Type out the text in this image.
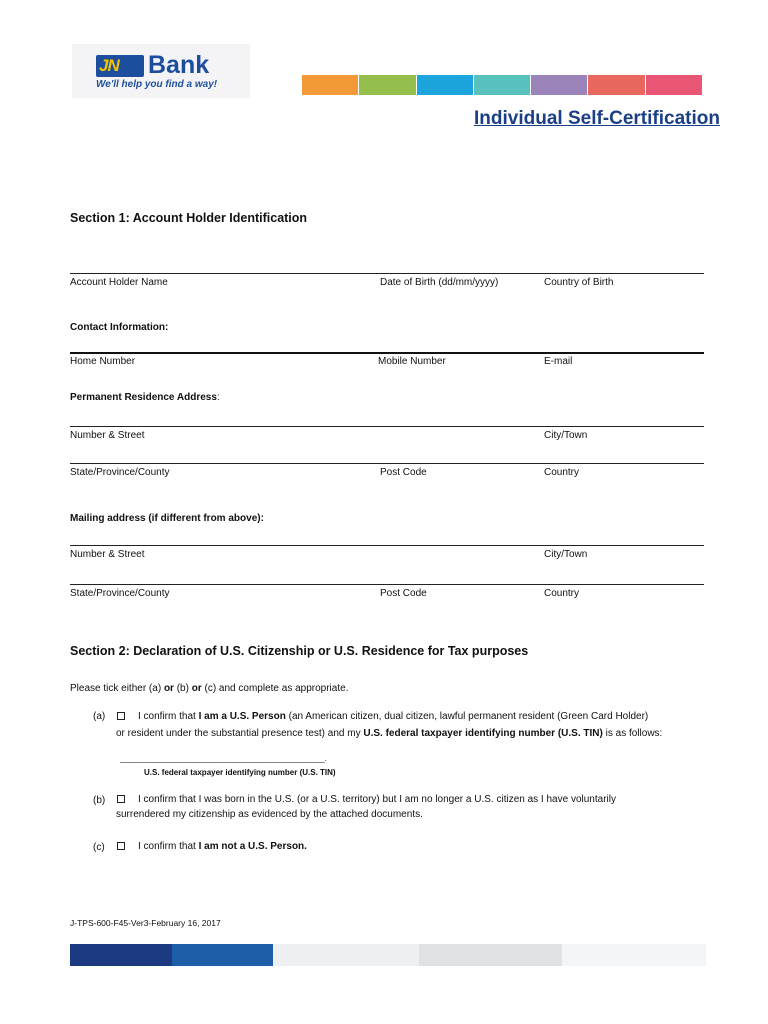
JN Bank
We'll help you find a way!
Individual Self-Certification
Section 1: Account Holder Identification
Account Holder Name	Date of Birth (dd/mm/yyyy)	Country of Birth
Contact Information:
Home Number	Mobile Number	E-mail
Permanent Residence Address:
Number & Street	City/Town
State/Province/County	Post Code	Country
Mailing address (if different from above):
Number & Street	City/Town
State/Province/County	Post Code	Country
Section 2: Declaration of U.S. Citizenship or U.S. Residence for Tax purposes
Please tick either (a) or (b) or (c) and complete as appropriate.
(a)	I confirm that I am a U.S. Person (an American citizen, dual citizen, lawful permanent resident (Green Card Holder)
or resident under the substantial presence test) and my U.S. federal taxpayer identifying number (U.S. TIN) is as follows:
______________________________________________.
U.S. federal taxpayer identifying number (U.S. TIN)
(b)	I confirm that I was born in the U.S. (or a U.S. territory) but I am no longer a U.S. citizen as I have voluntarily
surrendered my citizenship as evidenced by the attached documents.
(c)	I confirm that I am not a U.S. Person.
J-TPS-600-F45-Ver3-February 16, 2017
